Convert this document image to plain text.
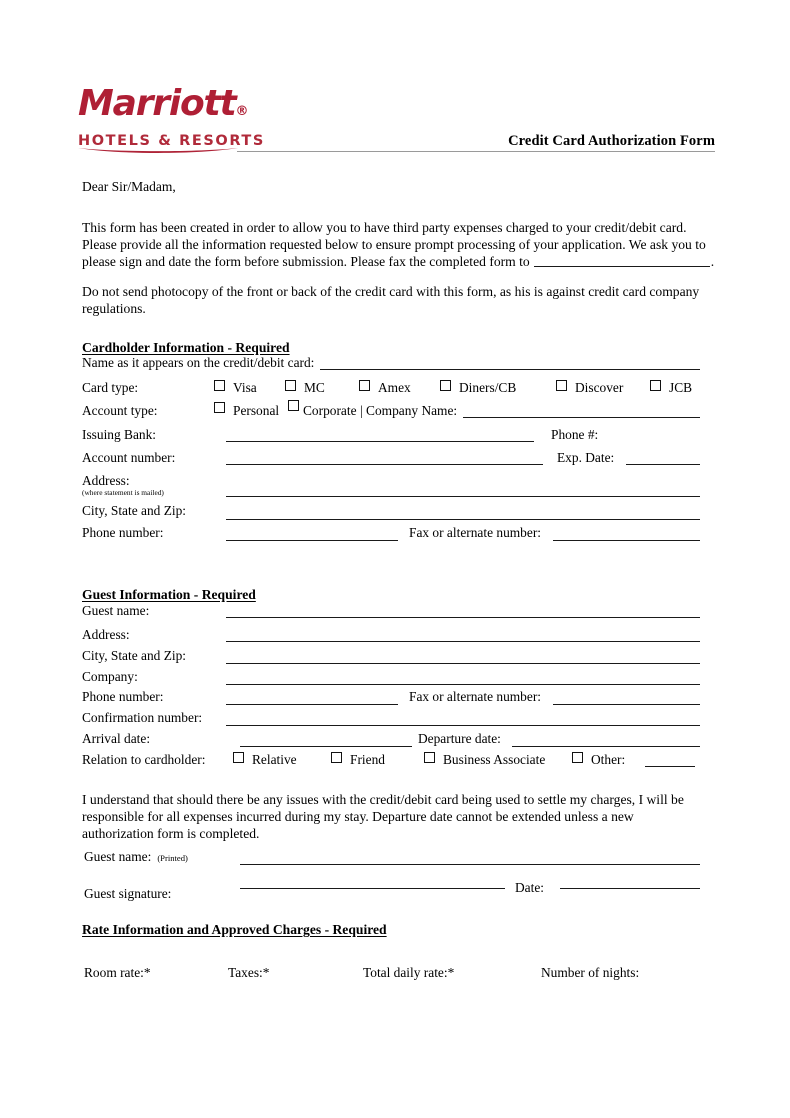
Marriott®
HOTELS & RESORTS	Credit Card Authorization Form
Dear Sir/Madam,
This form has been created in order to allow you to have third party expenses charged to your credit/debit card. Please provide all the information requested below to ensure prompt processing of your application. We ask you to please sign and date the form before submission. Please fax the completed form to	.
Do not send photocopy of the front or back of the credit card with this form, as his is against credit card company regulations.
Cardholder Information - Required
Name as it appears on the credit/debit card:
Card type:	Visa	MC	Amex	Diners/CB	Discover	JCB
Account type:	Personal Corporate | Company Name:
Issuing Bank:	Phone #:
Account number:	Exp. Date:
Address:
(where statement is mailed)
City, State and Zip:
Phone number:	Fax or alternate number:
Guest Information - Required
Guest name:
Address:
City, State and Zip:
Company:
Phone number:	Fax or alternate number:
Confirmation number:
Arrival date:	Departure date:
Relation to cardholder:	Relative	Friend	Business Associate	Other:
I understand that should there be any issues with the credit/debit card being used to settle my charges, I will be responsible for all expenses incurred during my stay. Departure date cannot be extended unless a new authorization form is completed.
Guest name: (Printed)
Guest signature:	Date:
Rate Information and Approved Charges - Required
Room rate:*	Taxes:*	Total daily rate:*	Number of nights:
